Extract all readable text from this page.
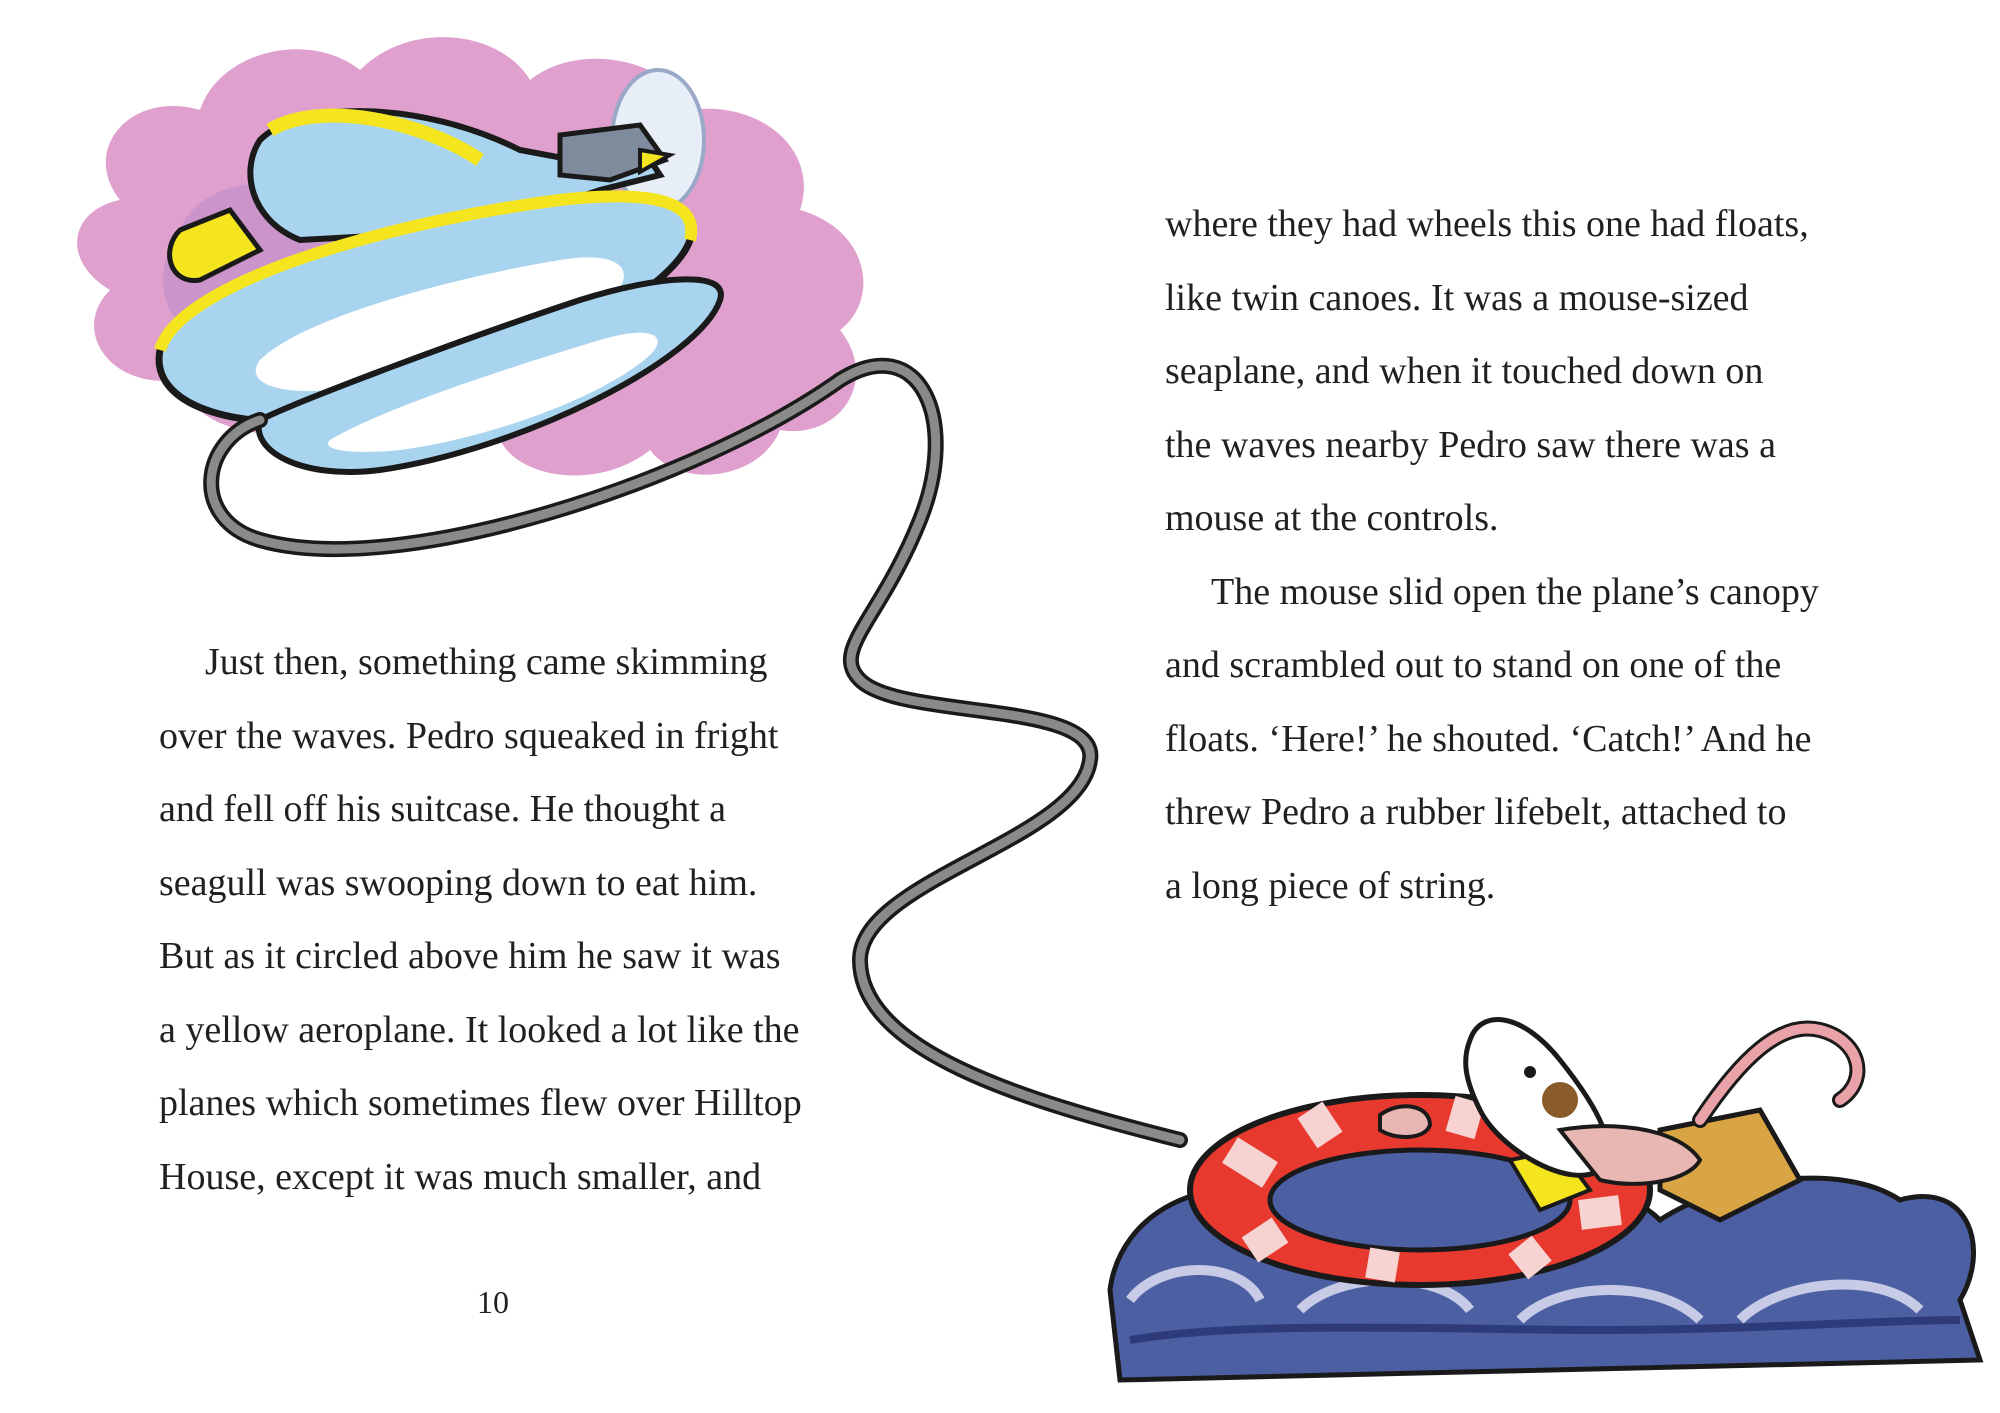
Just then, something came skimming

over the waves. Pedro squeaked in fright

and fell off his suitcase. He thought a

seagull was swooping down to eat him.

But as it circled above him he saw it was

a yellow aeroplane. It looked a lot like the

planes which sometimes flew over Hilltop

House, except it was much smaller, and

where they had wheels this one had floats,

like twin canoes. It was a mouse-sized

seaplane, and when it touched down on

the waves nearby Pedro saw there was a

mouse at the controls.

The mouse slid open the plane’s canopy

and scrambled out to stand on one of the

floats. ‘Here!’ he shouted. ‘Catch!’ And he

threw Pedro a rubber lifebelt, attached to

a long piece of string.

10
